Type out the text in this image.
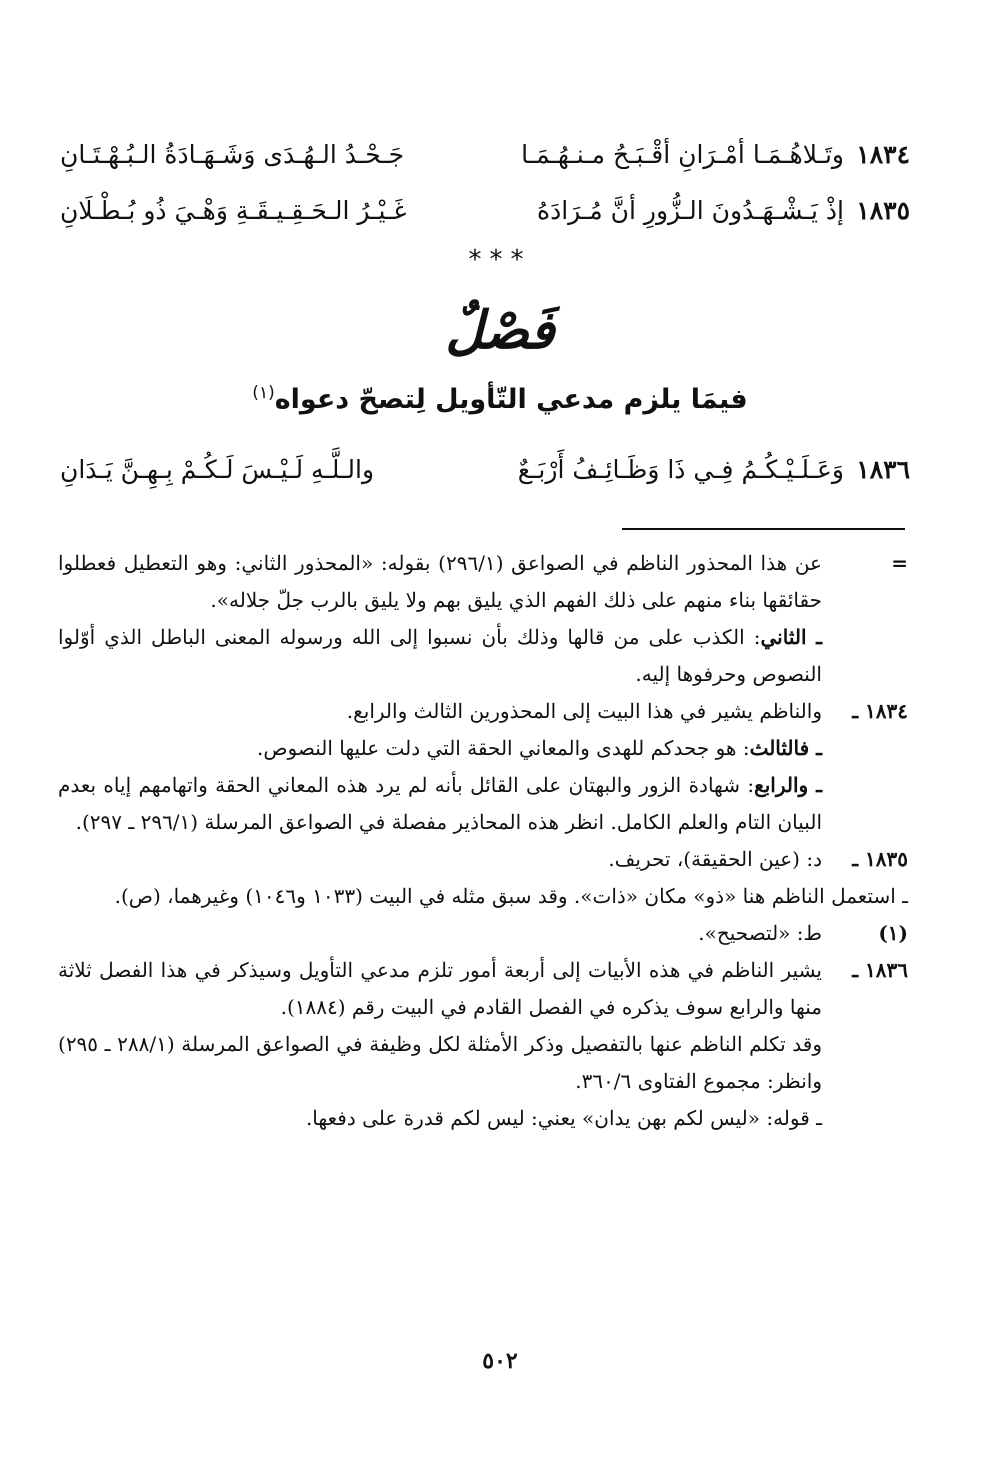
١٨٣٤
وتَـلاهُـمَـا أمْـرَانِ أقْـبَـحُ مـنـهُـمَـا
جَـحْـدُ الـهُـدَى وَشَـهَـادَةُ الـبُـهْـتَـانِ
١٨٣٥
إذْ يَـشْـهَـدُونَ الـزُّورِ أنَّ مُـرَادَهُ
غَـيْـرُ الـحَـقِـيـقَـةِ وَهْـيَ ذُو بُـطْـلَانِ
***
فَصْلٌ
فيمَا يلزم مدعي التّأويل لِتصحّ دعواه$^{(١)}$
١٨٣٦
وَعَـلَـيْـكُـمُ فِـي ذَا وَظَـائِـفُ أَرْبَـعٌ
والـلَّـهِ لَـيْـسَ لَـكُـمْ بِـهِـنَّ يَـدَانِ
=

عن هذا المحذور الناظم في الصواعق (٢٩٦/١) بقوله: «المحذور الثاني: وهو التعطيل فعطلوا حقائقها بناء منهم على ذلك الفهم الذي يليق بهم ولا يليق بالرب جلّ جلاله».

ـ الثاني: الكذب على من قالها وذلك بأن نسبوا إلى الله ورسوله المعنى الباطل الذي أوّلوا النصوص وحرفوها إليه.

١٨٣٤ ـ

والناظم يشير في هذا البيت إلى المحذورين الثالث والرابع.

ـ فالثالث: هو جحدكم للهدى والمعاني الحقة التي دلت عليها النصوص.

ـ والرابع: شهادة الزور والبهتان على القائل بأنه لم يرد هذه المعاني الحقة واتهامهم إياه بعدم البيان التام والعلم الكامل. انظر هذه المحاذير مفصلة في الصواعق المرسلة (٢٩٦/١ ـ ٢٩٧).

١٨٣٥ ـ

د: (عين الحقيقة)، تحريف.

ـ استعمل الناظم هنا «ذو» مكان «ذات». وقد سبق مثله في البيت (١٠٣٣ و١٠٤٦) وغيرهما، (ص).

(١)

ط: «لتصحيح».

١٨٣٦ ـ

يشير الناظم في هذه الأبيات إلى أربعة أمور تلزم مدعي التأويل وسيذكر في هذا الفصل ثلاثة منها والرابع سوف يذكره في الفصل القادم في البيت رقم (١٨٨٤).

وقد تكلم الناظم عنها بالتفصيل وذكر الأمثلة لكل وظيفة في الصواعق المرسلة (٢٨٨/١ ـ ٢٩٥) وانظر: مجموع الفتاوى ٣٦٠/٦.

ـ قوله: «ليس لكم بهن يدان» يعني: ليس لكم قدرة على دفعها.

٥٠٢
